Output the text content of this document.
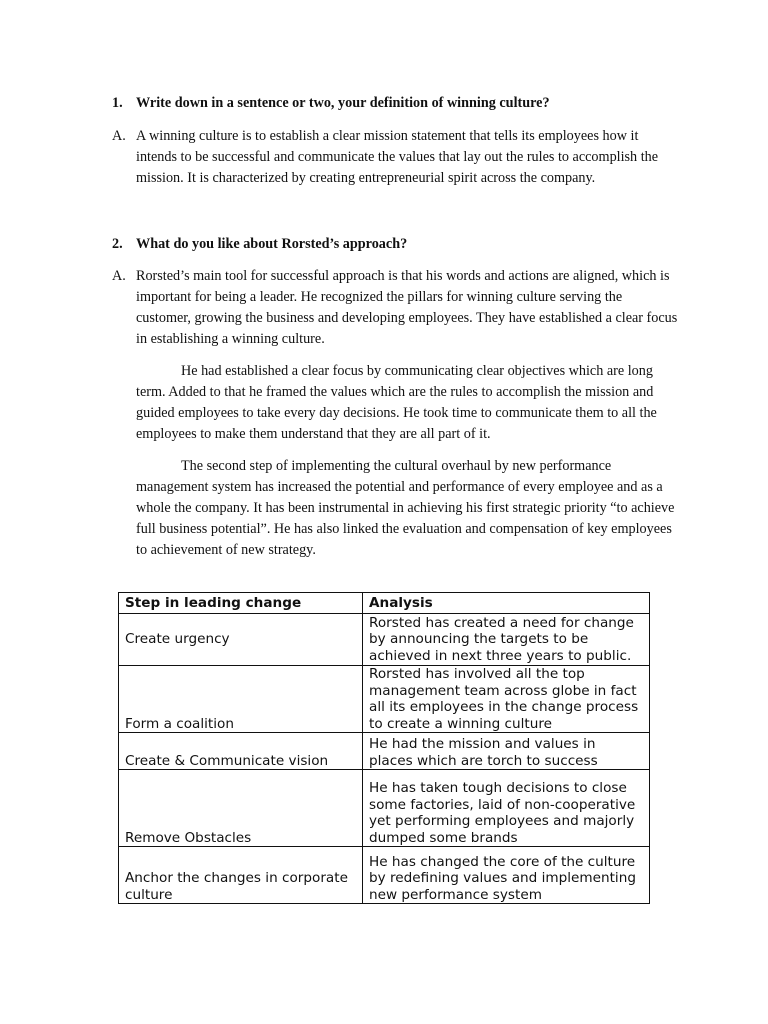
1. Write down in a sentence or two, your definition of winning culture?
A. A winning culture is to establish a clear mission statement that tells its employees how it intends to be successful and communicate the values that lay out the rules to accomplish the mission. It is characterized by creating entrepreneurial spirit across the company.

2. What do you like about Rorsted’s approach?
A. Rorsted’s main tool for successful approach is that his words and actions are aligned, which is important for being a leader. He recognized the pillars for winning culture serving the customer, growing the business and developing employees. They have established a clear focus in establishing a winning culture.

He had established a clear focus by communicating clear objectives which are long term. Added to that he framed the values which are the rules to accomplish the mission and guided employees to take every day decisions. He took time to communicate them to all the employees to make them understand that they are all part of it.

The second step of implementing the cultural overhaul by new performance management system has increased the potential and performance of every employee and as a whole the company. It has been instrumental in achieving his first strategic priority “to achieve full business potential”. He has also linked the evaluation and compensation of key employees to achievement of new strategy.

Step in leading change	Analysis
Create urgency	Rorsted has created a need for change by announcing the targets to be achieved in next three years to public.
Form a coalition	Rorsted has involved all the top management team across globe in fact all its employees in the change process to create a winning culture
Create & Communicate vision	He had the mission and values in places which are torch to success
Remove Obstacles	He has taken tough decisions to close some factories, laid of non-cooperative yet performing employees and majorly dumped some brands
Anchor the changes in corporate culture	He has changed the core of the culture by redefining values and implementing new performance system
